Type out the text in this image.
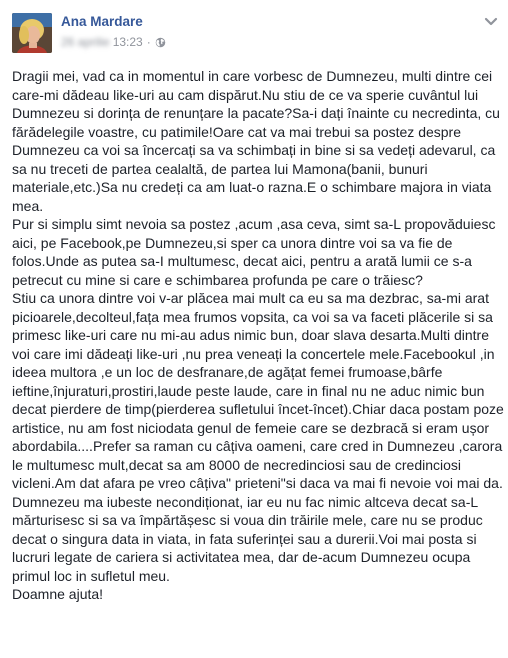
Ana Mardare
26 aprilie 13:23 ·

Dragii mei, vad ca in momentul in care vorbesc de Dumnezeu, multi dintre cei care-mi dădeau like-uri au cam dispărut.Nu stiu de ce va sperie cuvântul lui Dumnezeu si dorința de renunțare la pacate?Sa-i dați înainte cu necredinta, cu fărădelegile voastre, cu patimile!Oare cat va mai trebui sa postez despre Dumnezeu ca voi sa încercați sa va schimbați in bine si sa vedeți adevarul, ca sa nu treceti de partea cealaltă, de partea lui Mamona(banii, bunuri materiale,etc.)Sa nu credeți ca am luat-o razna.E o schimbare majora in viata mea.

Pur si simplu simt nevoia sa postez ,acum ,asa ceva, simt sa-L propovăduiesc aici, pe Facebook,pe Dumnezeu,si sper ca unora dintre voi sa va fie de folos.Unde as putea sa-I multumesc, decat aici, pentru a arată lumii ce s-a petrecut cu mine si care e schimbarea profunda pe care o trăiesc?

Stiu ca unora dintre voi v-ar plăcea mai mult ca eu sa ma dezbrac, sa-mi arat picioarele,decolteul,fața mea frumos vopsita, ca voi sa va faceti plăcerile si sa primesc like-uri care nu mi-au adus nimic bun, doar slava desarta.Multi dintre voi care imi dădeați like-uri ,nu prea veneați la concertele mele.Facebookul ,in ideea multora ,e un loc de desfranare,de agățat femei frumoase,bârfe ieftine,înjuraturi,prostiri,laude peste laude, care in final nu ne aduc nimic bun decat pierdere de timp(pierderea sufletului încet-încet).Chiar daca postam poze artistice, nu am fost niciodata genul de femeie care se dezbracă si eram ușor abordabila....Prefer sa raman cu câțiva oameni, care cred in Dumnezeu ,carora le multumesc mult,decat sa am 8000 de necredinciosi sau de credinciosi vicleni.Am dat afara pe vreo câțiva" prieteni"si daca va mai fi nevoie voi mai da.

Dumnezeu ma iubeste necondiționat, iar eu nu fac nimic altceva decat sa-L mărturisesc si sa va împărtășesc si voua din trăirile mele, care nu se produc decat o singura data in viata, in fata suferinței sau a durerii.Voi mai posta si lucruri legate de cariera si activitatea mea, dar de-acum Dumnezeu ocupa primul loc in sufletul meu.

Doamne ajuta!
